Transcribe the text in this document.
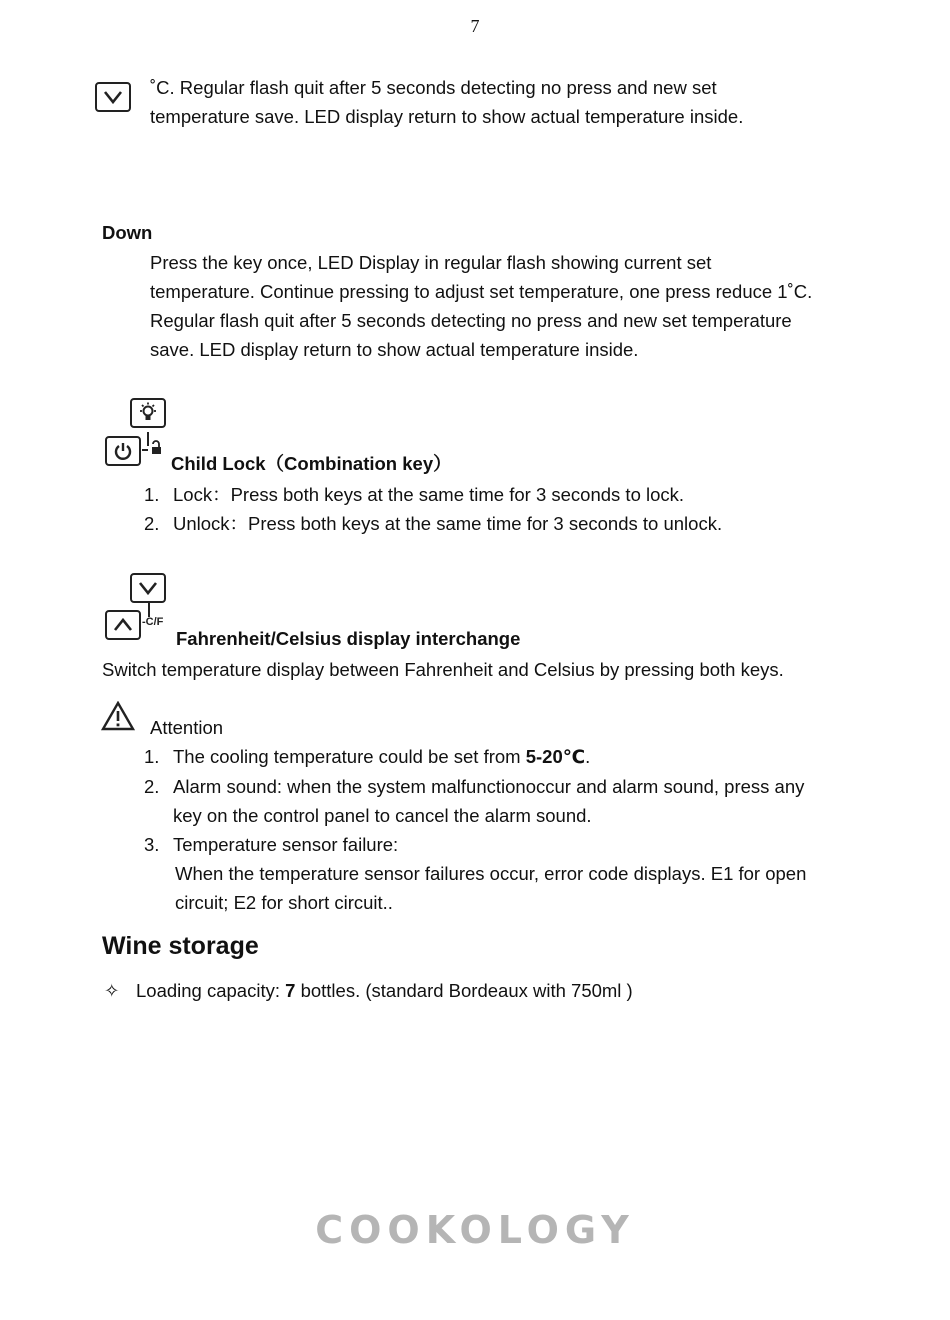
7
˚C. Regular flash quit after 5 seconds detecting no press and new set
temperature save. LED display return to show actual temperature inside.
Down
Press the key once, LED Display in regular flash showing current set
temperature. Continue pressing to adjust set temperature, one press reduce 1˚C.
Regular flash quit after 5 seconds detecting no press and new set temperature
save. LED display return to show actual temperature inside.
Child Lock（Combination key）
1. Lock：Press both keys at the same time for 3 seconds to lock.
2. Unlock：Press both keys at the same time for 3 seconds to unlock.
-C/F
Fahrenheit/Celsius display interchange
Switch temperature display between Fahrenheit and Celsius by pressing both keys.
Attention
1. The cooling temperature could be set from 5-20℃.
2. Alarm sound: when the system malfunctionoccur and alarm sound, press any
key on the control panel to cancel the alarm sound.
3. Temperature sensor failure:
When the temperature sensor failures occur, error code displays. E1 for open
circuit; E2 for short circuit..
Wine storage
✧ Loading capacity: 7 bottles. (standard Bordeaux with 750ml )
COOKOLOGY
